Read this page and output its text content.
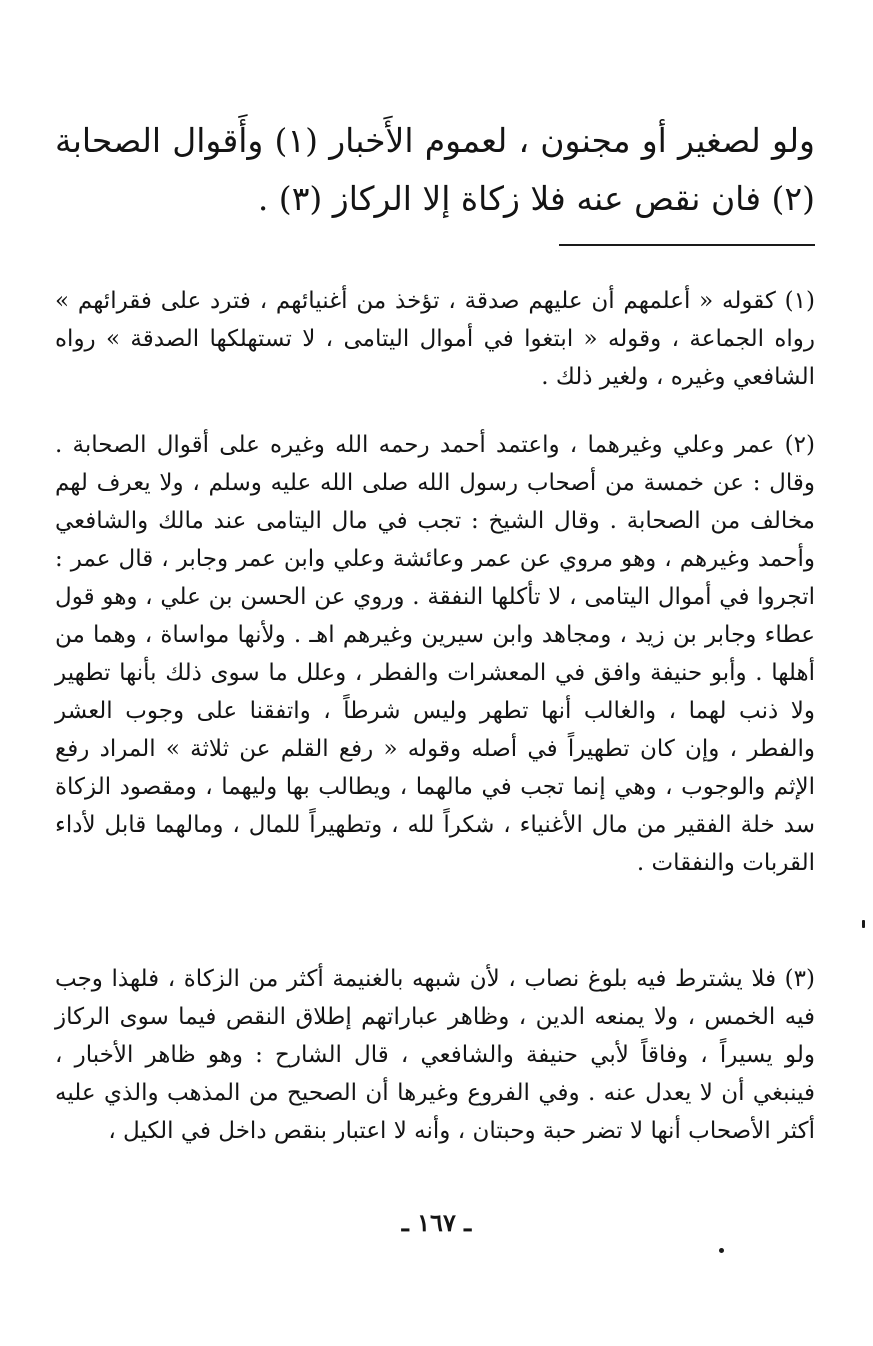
ولو لصغير أو مجنون ، لعموم الأَخبار (١) وأَقوال الصحابة (٢) فان نقص عنه فلا زكاة إلا الركاز (٣) .

(١) كقوله « أعلمهم أن عليهم صدقة ، تؤخذ من أغنيائهم ، فترد على فقرائهم » رواه الجماعة ، وقوله « ابتغوا في أموال اليتامى ، لا تستهلكها الصدقة » رواه الشافعي وغيره ، ولغير ذلك .

(٢) عمر وعلي وغيرهما ، واعتمد أحمد رحمه الله وغيره على أقوال الصحابة . وقال : عن خمسة من أصحاب رسول الله صلى الله عليه وسلم ، ولا يعرف لهم مخالف من الصحابة . وقال الشيخ : تجب في مال اليتامى عند مالك والشافعي وأحمد وغيرهم ، وهو مروي عن عمر وعائشة وعلي وابن عمر وجابر ، قال عمر : اتجروا في أموال اليتامى ، لا تأكلها النفقة . وروي عن الحسن بن علي ، وهو قول عطاء وجابر بن زيد ، ومجاهد وابن سيرين وغيرهم اهـ . ولأنها مواساة ، وهما من أهلها . وأبو حنيفة وافق في المعشرات والفطر ، وعلل ما سوى ذلك بأنها تطهير ولا ذنب لهما ، والغالب أنها تطهر وليس شرطاً ، واتفقنا على وجوب العشر والفطر ، وإن كان تطهيراً في أصله وقوله « رفع القلم عن ثلاثة » المراد رفع الإثم والوجوب ، وهي إنما تجب في مالهما ، ويطالب بها وليهما ، ومقصود الزكاة سد خلة الفقير من مال الأغنياء ، شكراً لله ، وتطهيراً للمال ، ومالهما قابل لأداء القربات والنفقات .

(٣) فلا يشترط فيه بلوغ نصاب ، لأن شبهه بالغنيمة أكثر من الزكاة ، فلهذا وجب فيه الخمس ، ولا يمنعه الدين ، وظاهر عباراتهم إطلاق النقص فيما سوى الركاز ولو يسيراً ، وفاقاً لأبي حنيفة والشافعي ، قال الشارح : وهو ظاهر الأخبار ، فينبغي أن لا يعدل عنه . وفي الفروع وغيرها أن الصحيح من المذهب والذي عليه أكثر الأصحاب أنها لا تضر حبة وحبتان ، وأنه لا اعتبار بنقص داخل في الكيل ،

ـ ١٦٧ ـ
